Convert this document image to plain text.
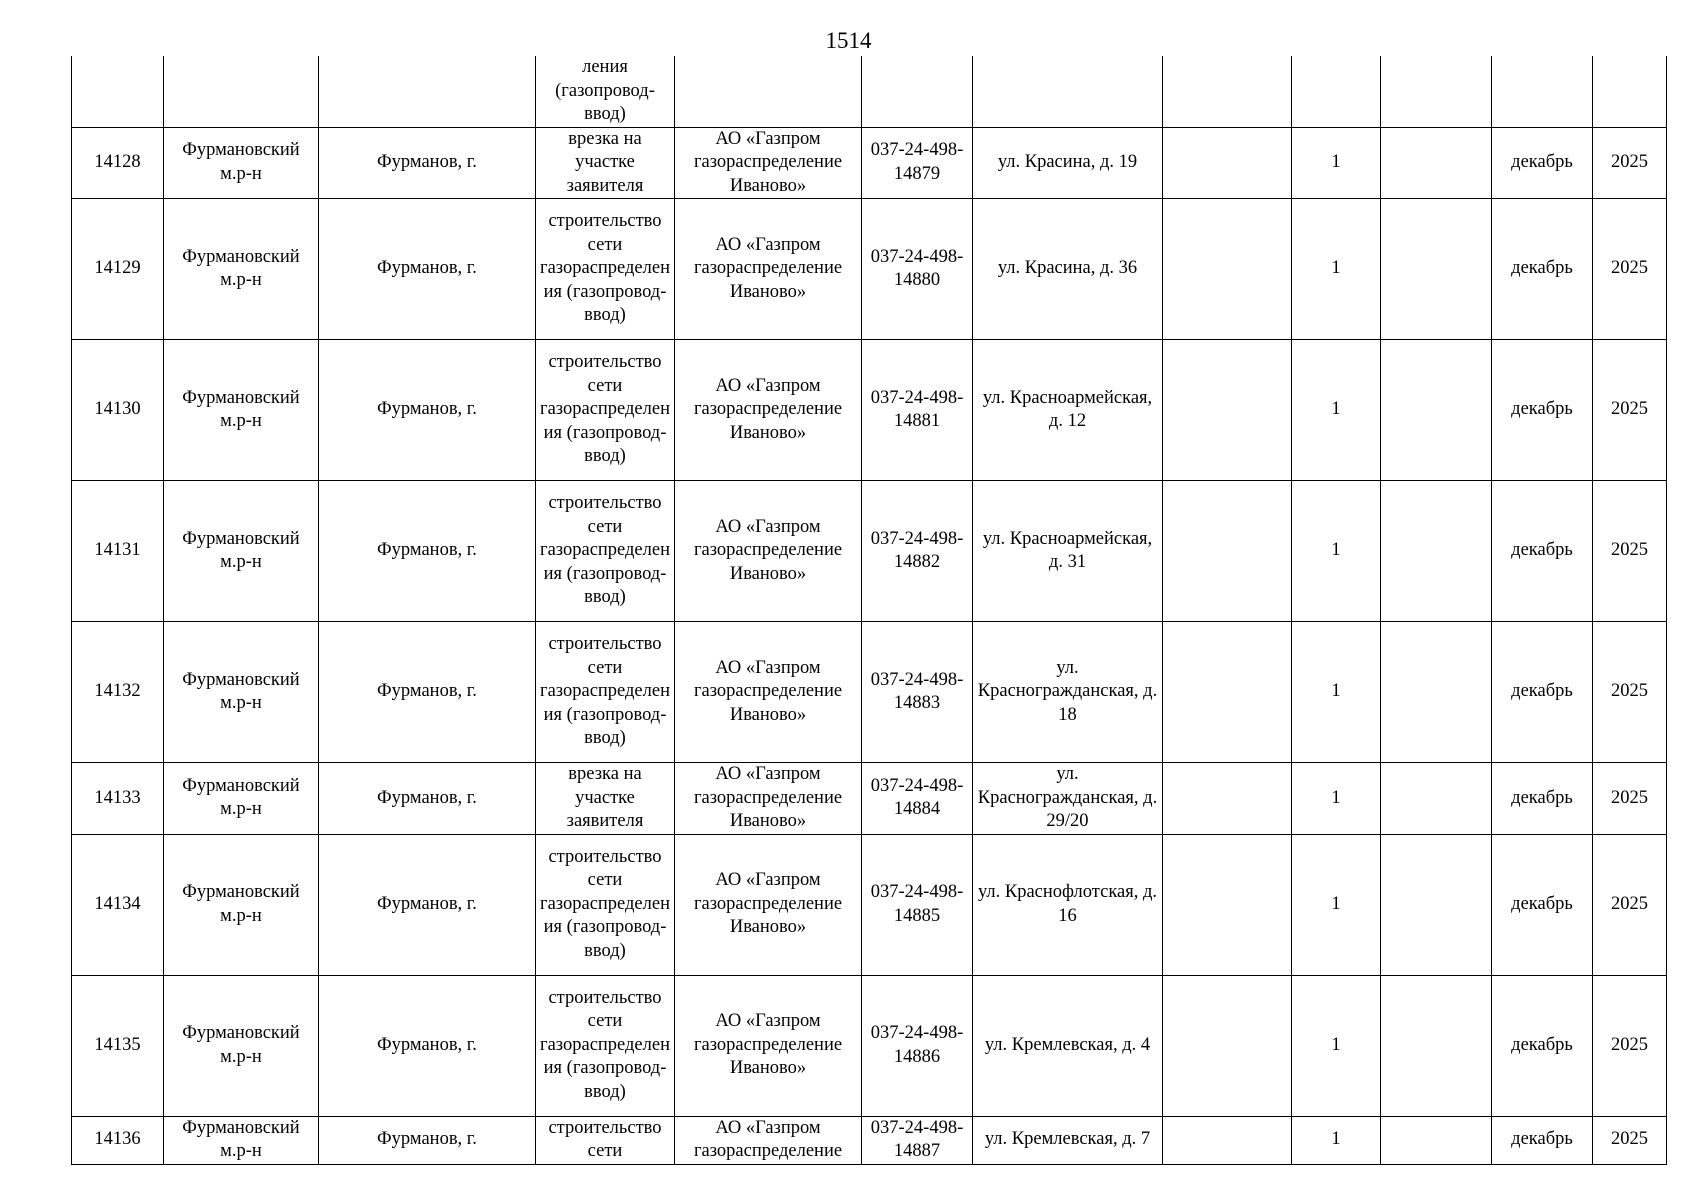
1514
			ления (газопровод-ввод)								
14128	Фурмановский м.р-н	Фурманов, г.	врезка на участке заявителя	АО «Газпром газораспределение Иваново»	037-24-498-14879	ул. Красина, д. 19		1		декабрь	2025
14129	Фурмановский м.р-н	Фурманов, г.	строительство сети газораспределения (газопровод-ввод)	АО «Газпром газораспределение Иваново»	037-24-498-14880	ул. Красина, д. 36		1		декабрь	2025
14130	Фурмановский м.р-н	Фурманов, г.	строительство сети газораспределения (газопровод-ввод)	АО «Газпром газораспределение Иваново»	037-24-498-14881	ул. Красноармейская, д. 12		1		декабрь	2025
14131	Фурмановский м.р-н	Фурманов, г.	строительство сети газораспределения (газопровод-ввод)	АО «Газпром газораспределение Иваново»	037-24-498-14882	ул. Красноармейская, д. 31		1		декабрь	2025
14132	Фурмановский м.р-н	Фурманов, г.	строительство сети газораспределения (газопровод-ввод)	АО «Газпром газораспределение Иваново»	037-24-498-14883	ул. Красногражданская, д. 18		1		декабрь	2025
14133	Фурмановский м.р-н	Фурманов, г.	врезка на участке заявителя	АО «Газпром газораспределение Иваново»	037-24-498-14884	ул. Красногражданская, д. 29/20		1		декабрь	2025
14134	Фурмановский м.р-н	Фурманов, г.	строительство сети газораспределения (газопровод-ввод)	АО «Газпром газораспределение Иваново»	037-24-498-14885	ул. Краснофлотская, д. 16		1		декабрь	2025
14135	Фурмановский м.р-н	Фурманов, г.	строительство сети газораспределения (газопровод-ввод)	АО «Газпром газораспределение Иваново»	037-24-498-14886	ул. Кремлевская, д. 4		1		декабрь	2025
14136	Фурмановский м.р-н	Фурманов, г.	строительство сети	АО «Газпром газораспределение	037-24-498-14887	ул. Кремлевская, д. 7		1		декабрь	2025
